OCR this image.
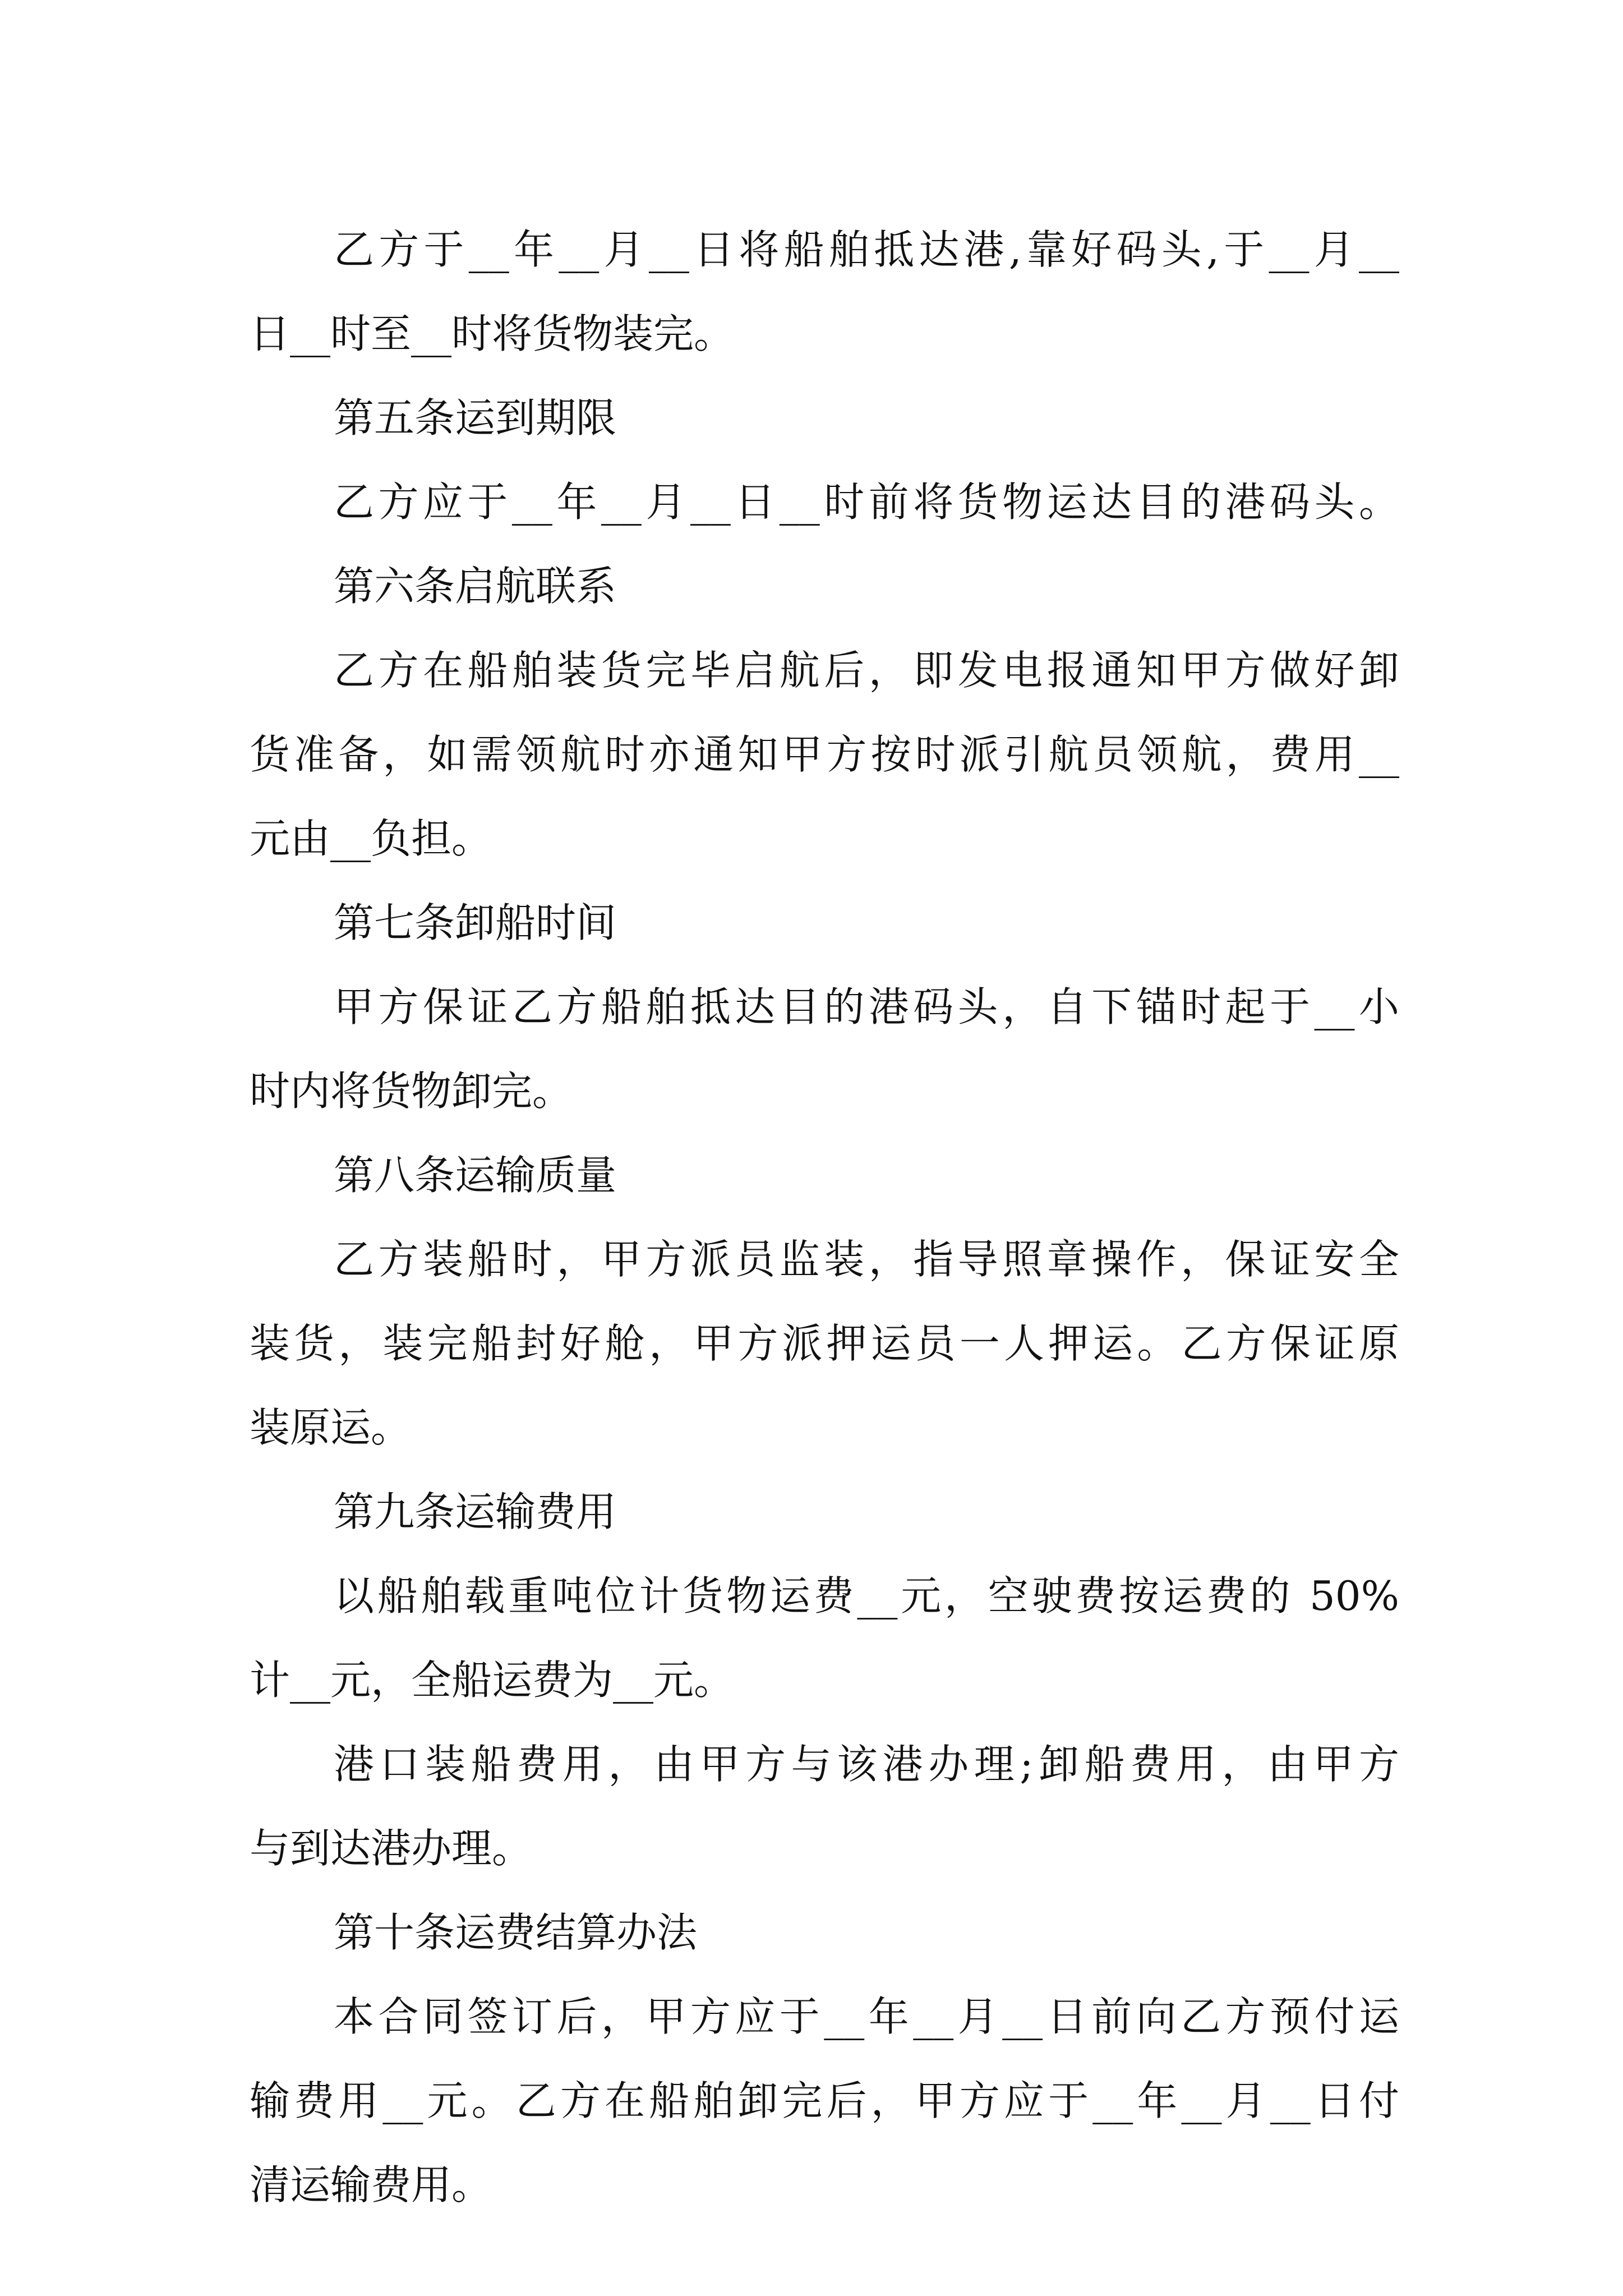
乙方于__年__月__日将船舶抵达港,靠好码头,于__月__
日__时至__时将货物装完。
第五条运到期限
乙方应于__年__月__日__时前将货物运达目的港码头。
第六条启航联系
乙方在船舶装货完毕启航后，即发电报通知甲方做好卸
货准备，如需领航时亦通知甲方按时派引航员领航，费用__
元由__负担。
第七条卸船时间
甲方保证乙方船舶抵达目的港码头，自下锚时起于__小
时内将货物卸完。
第八条运输质量
乙方装船时，甲方派员监装，指导照章操作，保证安全
装货，装完船封好舱，甲方派押运员一人押运。乙方保证原
装原运。
第九条运输费用
以船舶载重吨位计货物运费__元，空驶费按运费的 50%
计__元，全船运费为__元。
港口装船费用，由甲方与该港办理;卸船费用，由甲方
与到达港办理。
第十条运费结算办法
本合同签订后，甲方应于__年__月__日前向乙方预付运
输费用__元。乙方在船舶卸完后，甲方应于__年__月__日付
清运输费用。
